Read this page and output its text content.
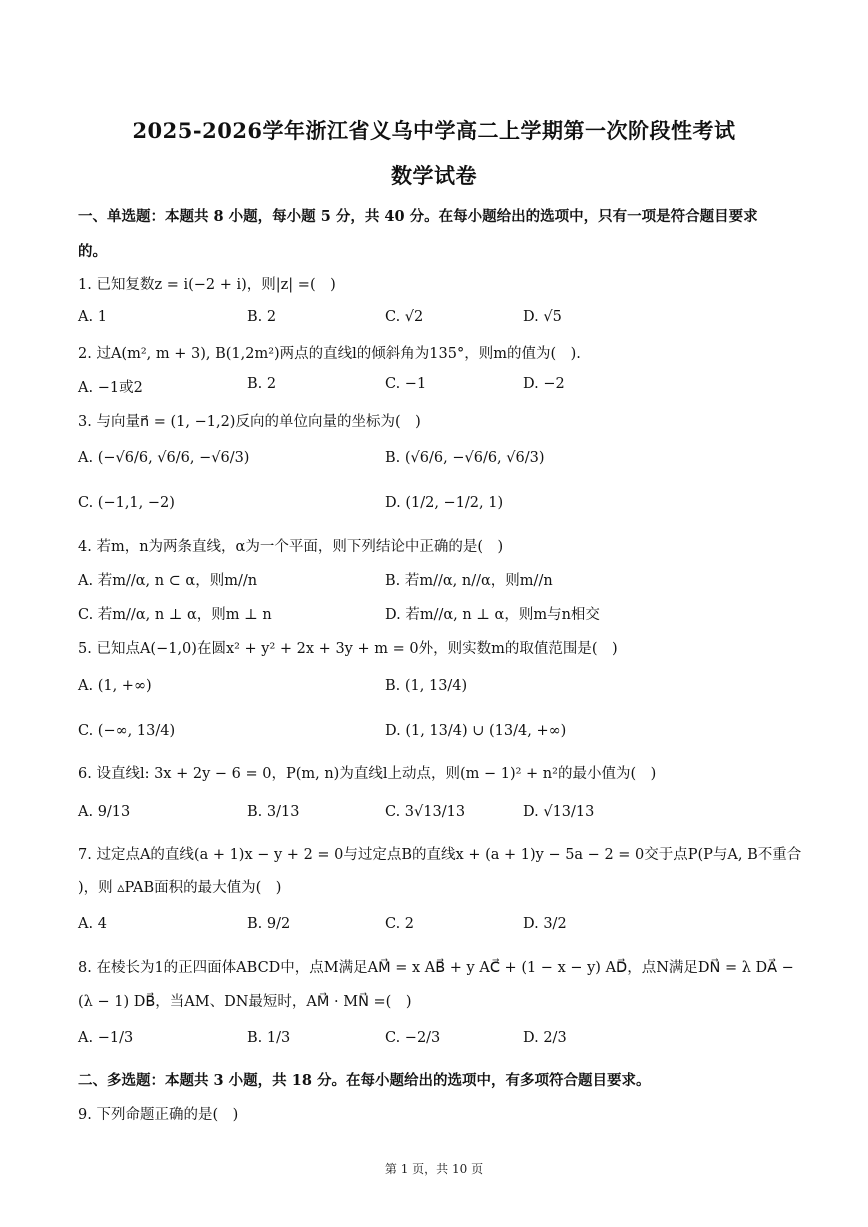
2025-2026学年浙江省义乌中学高二上学期第一次阶段性考试
数学试卷
一、单选题：本题共 8 小题，每小题 5 分，共 40 分。在每小题给出的选项中，只有一项是符合题目要求
的。
1. 已知复数z = i(−2 + i)，则|z| =( )
A. 1	B. 2	C. √2	D. √5
2. 过A(m², m + 3), B(1,2m²)两点的直线l的倾斜角为135°，则m的值为( ).
A. −1或2	B. 2	C. −1	D. −2
3. 与向量n⃗ = (1, −1,2)反向的单位向量的坐标为( )
A. (−√6/6, √6/6, −√6/3)	B. (√6/6, −√6/6, √6/3)
C. (−1,1, −2)	D. (1/2, −1/2, 1)
4. 若m，n为两条直线，α为一个平面，则下列结论中正确的是( )
A. 若m//α, n ⊂ α，则m//n	B. 若m//α, n//α，则m//n
C. 若m//α, n ⊥ α，则m ⊥ n	D. 若m//α, n ⊥ α，则m与n相交
5. 已知点A(−1,0)在圆x² + y² + 2x + 3y + m = 0外，则实数m的取值范围是( )
A. (1, +∞)	B. (1, 13/4)
C. (−∞, 13/4)	D. (1, 13/4) ∪ (13/4, +∞)
6. 设直线l: 3x + 2y − 6 = 0，P(m, n)为直线l上动点，则(m − 1)² + n²的最小值为( )
A. 9/13	B. 3/13	C. 3√13/13	D. √13/13
7. 过定点A的直线(a + 1)x − y + 2 = 0与过定点B的直线x + (a + 1)y − 5a − 2 = 0交于点P(P与A, B不重合
)，则 ▵PAB面积的最大值为( )
A. 4	B. 9/2	C. 2	D. 3/2
8. 在棱长为1的正四面体ABCD中，点M满足AM⃗ = x AB⃗ + y AC⃗ + (1 − x − y) AD⃗，点N满足DN⃗ = λ DA⃗ −
(λ − 1) DB⃗，当AM、DN最短时，AM⃗ · MN⃗ =( )
A. −1/3	B. 1/3	C. −2/3	D. 2/3
二、多选题：本题共 3 小题，共 18 分。在每小题给出的选项中，有多项符合题目要求。
9. 下列命题正确的是( )
第 1 页，共 10 页
